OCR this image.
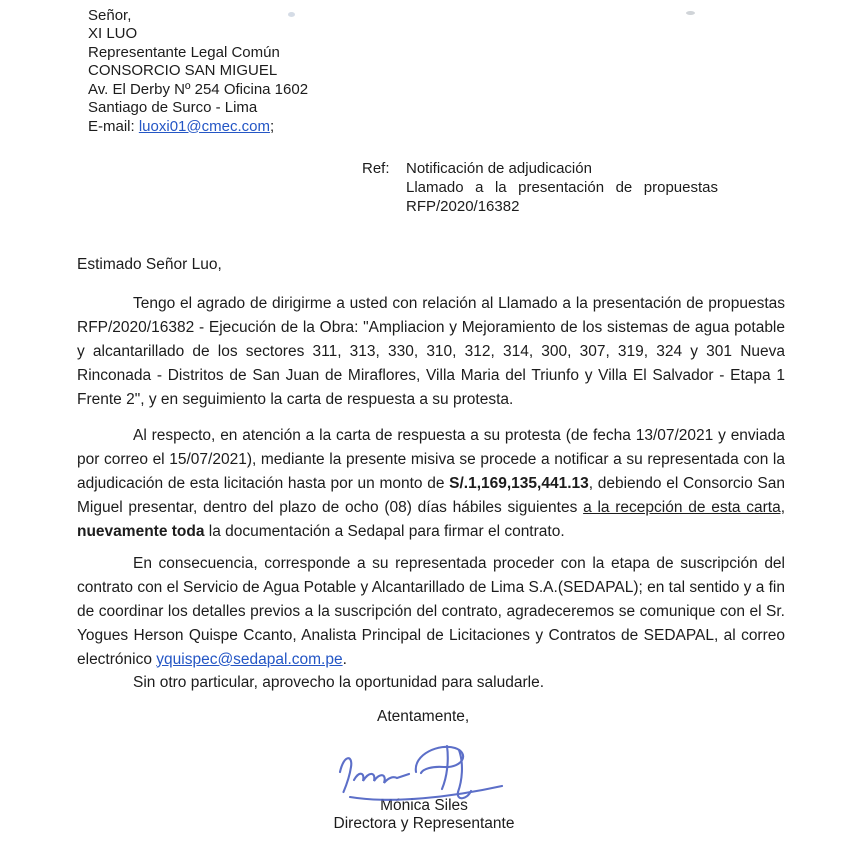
Señor,
XI LUO
Representante Legal Común
CONSORCIO SAN MIGUEL
Av. El Derby Nº 254 Oficina 1602
Santiago de Surco - Lima
E-mail: luoxi01@cmec.com;
Ref:	Notificación de adjudicación
Llamado a la presentación de propuestas
RFP/2020/16382
Estimado Señor Luo,

Tengo el agrado de dirigirme a usted con relación al Llamado a la presentación de propuestas RFP/2020/16382 - Ejecución de la Obra: "Ampliacion y Mejoramiento de los sistemas de agua potable y alcantarillado de los sectores 311, 313, 330, 310, 312, 314, 300, 307, 319, 324 y 301 Nueva Rinconada - Distritos de San Juan de Miraflores, Villa Maria del Triunfo y Villa El Salvador - Etapa 1 Frente 2", y en seguimiento la carta de respuesta a su protesta.

Al respecto, en atención a la carta de respuesta a su protesta (de fecha 13/07/2021 y enviada por correo el 15/07/2021), mediante la presente misiva se procede a notificar a su representada con la adjudicación de esta licitación hasta por un monto de S/.1,169,135,441.13, debiendo el Consorcio San Miguel presentar, dentro del plazo de ocho (08) días hábiles siguientes a la recepción de esta carta, nuevamente toda la documentación a Sedapal para firmar el contrato.

En consecuencia, corresponde a su representada proceder con la etapa de suscripción del contrato con el Servicio de Agua Potable y Alcantarillado de Lima S.A.(SEDAPAL); en tal sentido y a fin de coordinar los detalles previos a la suscripción del contrato, agradeceremos se comunique con el Sr. Yogues Herson Quispe Ccanto, Analista Principal de Licitaciones y Contratos de SEDAPAL, al correo electrónico yquispec@sedapal.com.pe.

Sin otro particular, aprovecho la oportunidad para saludarle.
Atentamente,
Mónica Siles
Directora y Representante
